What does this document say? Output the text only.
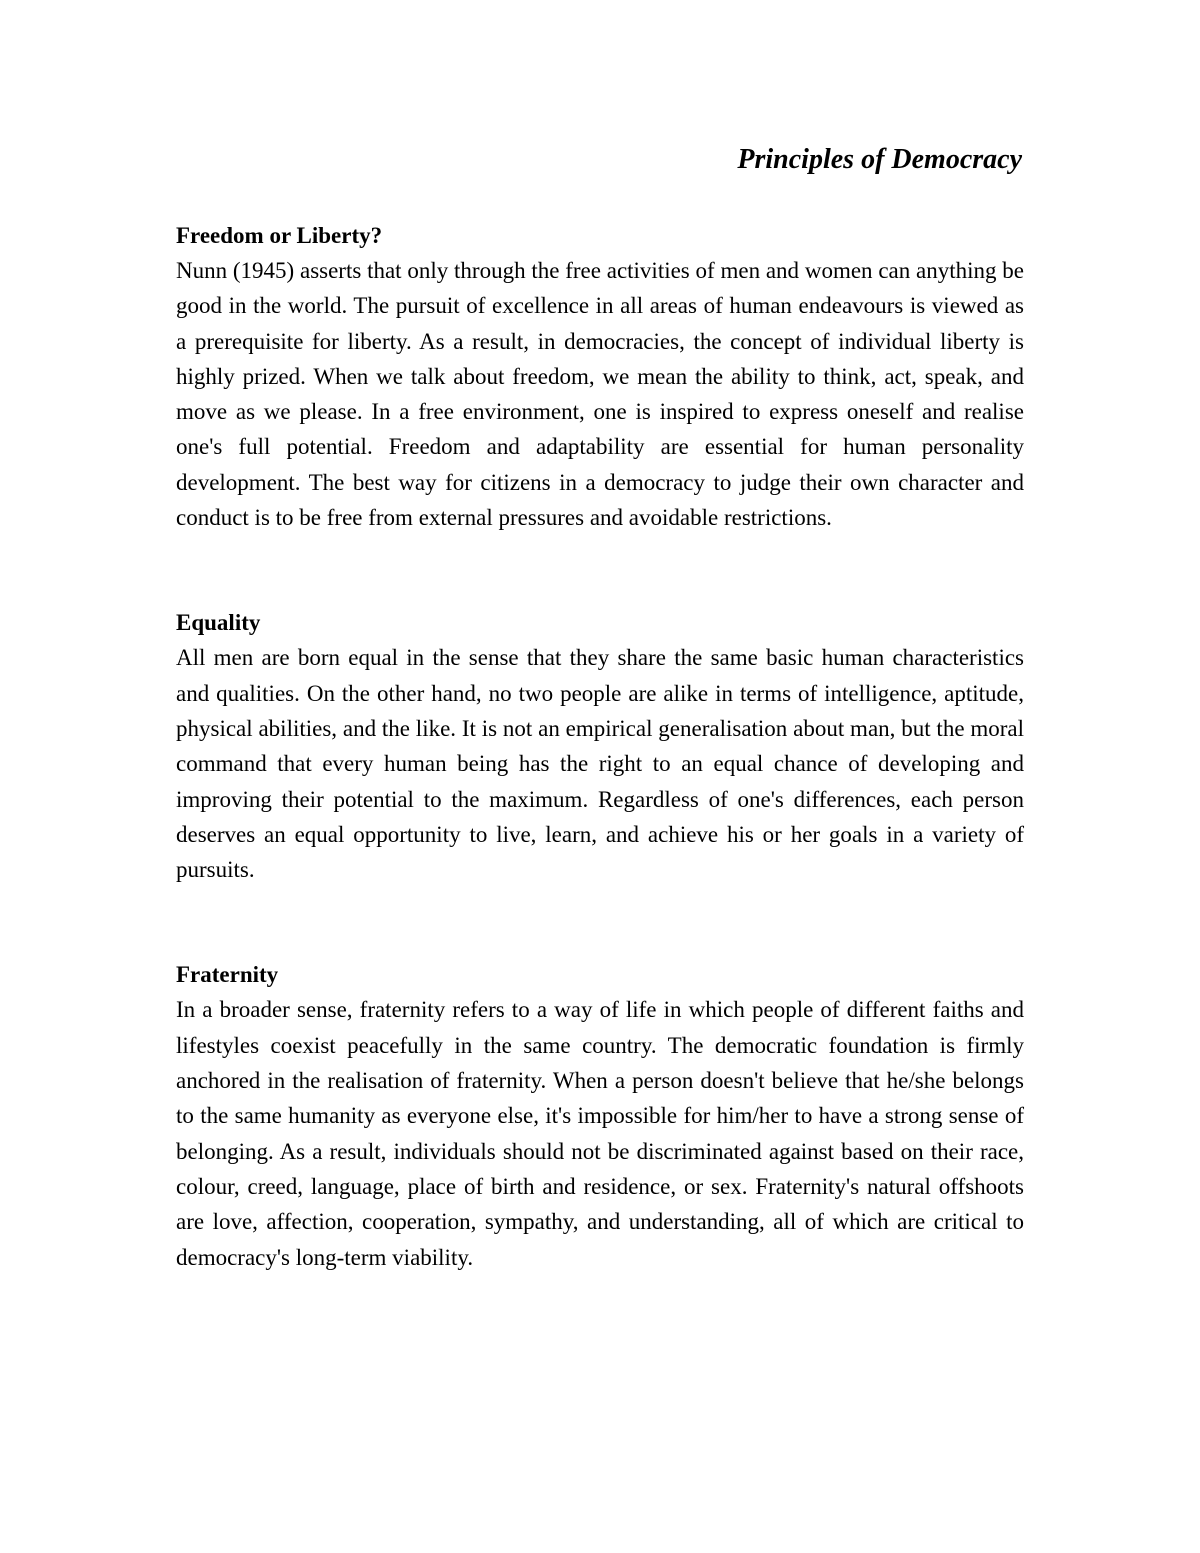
Principles of Democracy
Freedom or Liberty?

Nunn (1945) asserts that only through the free activities of men and women can anything be good in the world. The pursuit of excellence in all areas of human endeavours is viewed as a prerequisite for liberty. As a result, in democracies, the concept of individual liberty is highly prized. When we talk about freedom, we mean the ability to think, act, speak, and move as we please. In a free environment, one is inspired to express oneself and realise one's full potential. Freedom and adaptability are essential for human personality development. The best way for citizens in a democracy to judge their own character and conduct is to be free from external pressures and avoidable restrictions.

Equality

All men are born equal in the sense that they share the same basic human characteristics and qualities. On the other hand, no two people are alike in terms of intelligence, aptitude, physical abilities, and the like. It is not an empirical generalisation about man, but the moral command that every human being has the right to an equal chance of developing and improving their potential to the maximum. Regardless of one's differences, each person deserves an equal opportunity to live, learn, and achieve his or her goals in a variety of pursuits.

Fraternity

In a broader sense, fraternity refers to a way of life in which people of different faiths and lifestyles coexist peacefully in the same country. The democratic foundation is firmly anchored in the realisation of fraternity. When a person doesn't believe that he/she belongs to the same humanity as everyone else, it's impossible for him/her to have a strong sense of belonging. As a result, individuals should not be discriminated against based on their race, colour, creed, language, place of birth and residence, or sex. Fraternity's natural offshoots are love, affection, cooperation, sympathy, and understanding, all of which are critical to democracy's long-term viability.
